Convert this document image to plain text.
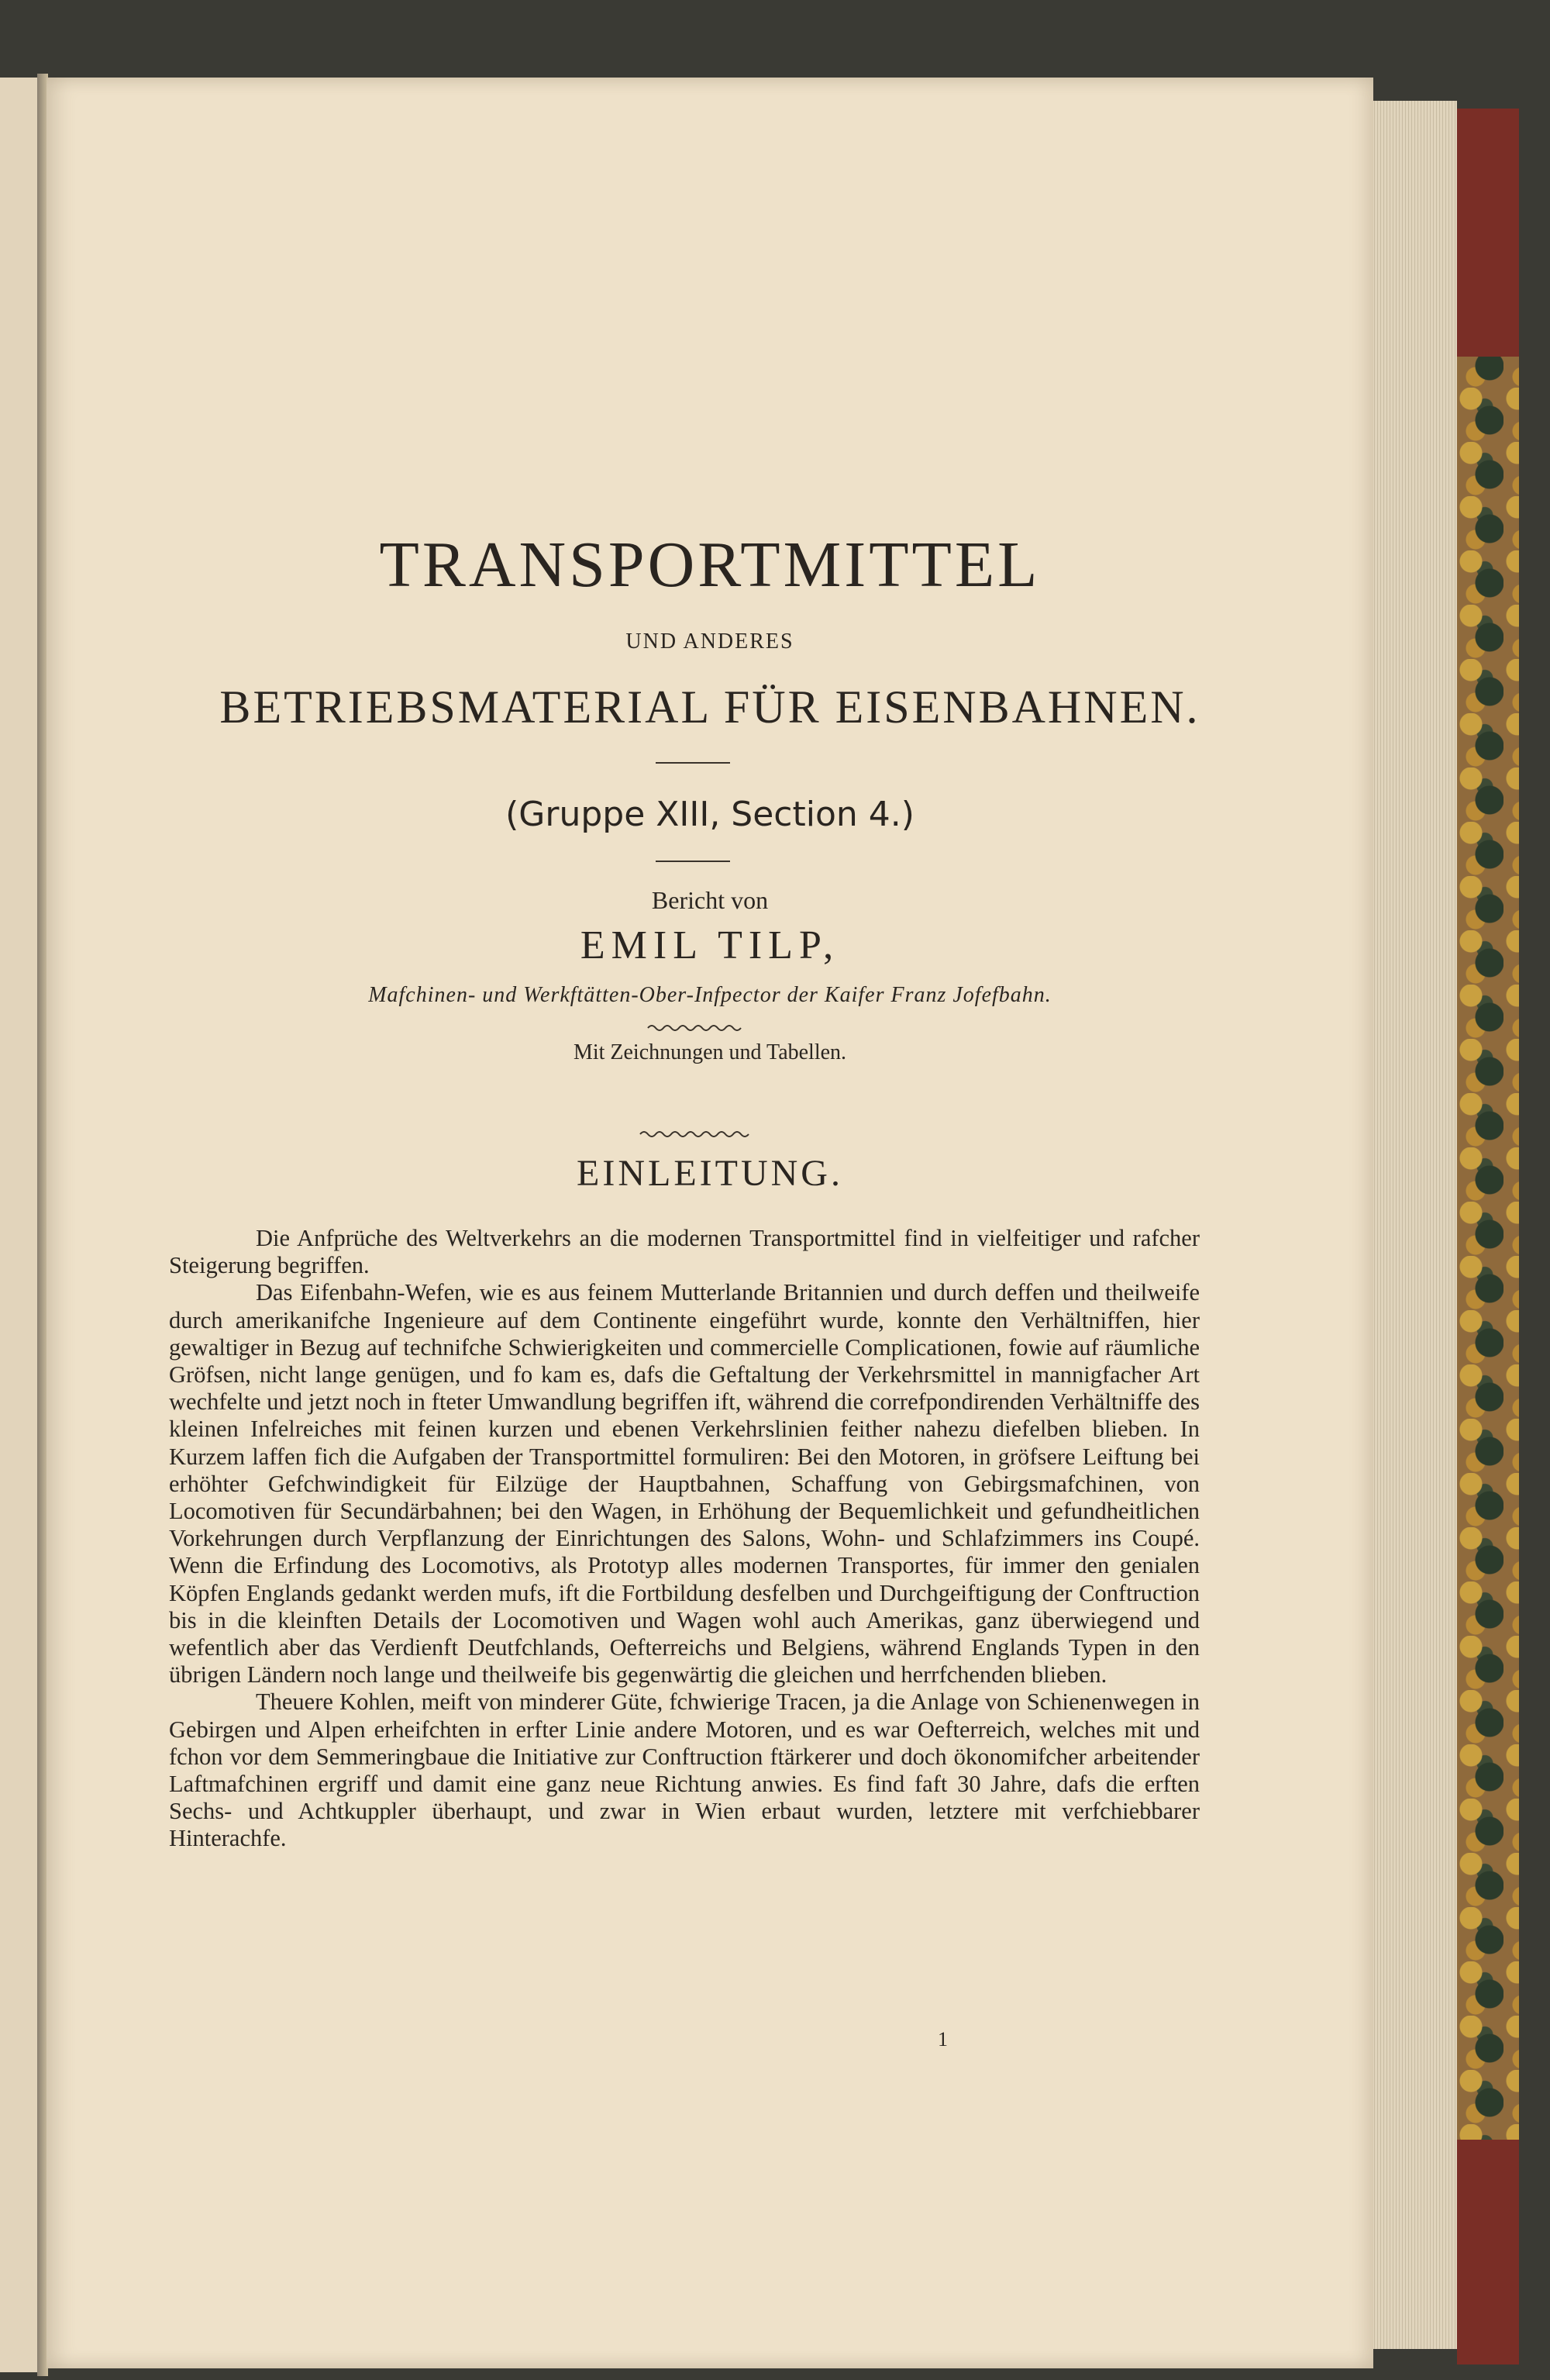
TRANSPORTMITTEL
UND ANDERES
BETRIEBSMATERIAL FÜR EISENBAHNEN.
(Gruppe XIII, Section 4.)
Bericht von
EMIL TILP,
Mafchinen- und Werkftätten-Ober-Infpector der Kaifer Franz Jofefbahn.
Mit Zeichnungen und Tabellen.
EINLEITUNG.

Die Anfprüche des Weltverkehrs an die modernen Transportmittel find in vielfeitiger und rafcher Steigerung begriffen.

Das Eifenbahn-Wefen, wie es aus feinem Mutterlande Britannien und durch deffen und theilweife durch amerikanifche Ingenieure auf dem Continente eingeführt wurde, konnte den Verhältniffen, hier gewaltiger in Bezug auf technifche Schwierigkeiten und commercielle Complicationen, fowie auf räumliche Gröfsen, nicht lange genügen, und fo kam es, dafs die Geftaltung der Verkehrsmittel in mannigfacher Art wechfelte und jetzt noch in fteter Umwandlung begriffen ift, während die correfpondirenden Verhältniffe des kleinen Infelreiches mit feinen kurzen und ebenen Verkehrslinien feither nahezu diefelben blieben. In Kurzem laffen fich die Aufgaben der Transportmittel formuliren: Bei den Motoren, in gröfsere Leiftung bei erhöhter Gefchwindigkeit für Eilzüge der Hauptbahnen, Schaffung von Gebirgsmafchinen, von Locomotiven für Secundärbahnen; bei den Wagen, in Erhöhung der Bequemlichkeit und gefundheitlichen Vorkehrungen durch Verpflanzung der Einrichtungen des Salons, Wohn- und Schlafzimmers ins Coupé. Wenn die Erfindung des Locomotivs, als Prototyp alles modernen Transportes, für immer den genialen Köpfen Englands gedankt werden mufs, ift die Fortbildung desfelben und Durchgeiftigung der Conftruction bis in die kleinften Details der Locomotiven und Wagen wohl auch Amerikas, ganz überwiegend und wefentlich aber das Verdienft Deutfchlands, Oefterreichs und Belgiens, während Englands Typen in den übrigen Ländern noch lange und theilweife bis gegenwärtig die gleichen und herrfchenden blieben.

Theuere Kohlen, meift von minderer Güte, fchwierige Tracen, ja die Anlage von Schienenwegen in Gebirgen und Alpen erheifchten in erfter Linie andere Motoren, und es war Oefterreich, welches mit und fchon vor dem Semmeringbaue die Initiative zur Conftruction ftärkerer und doch ökonomifcher arbeitender Laftmafchinen ergriff und damit eine ganz neue Richtung anwies. Es find faft 30 Jahre, dafs die erften Sechs- und Achtkuppler überhaupt, und zwar in Wien erbaut wurden, letztere mit verfchiebbarer Hinterachfe.

1
